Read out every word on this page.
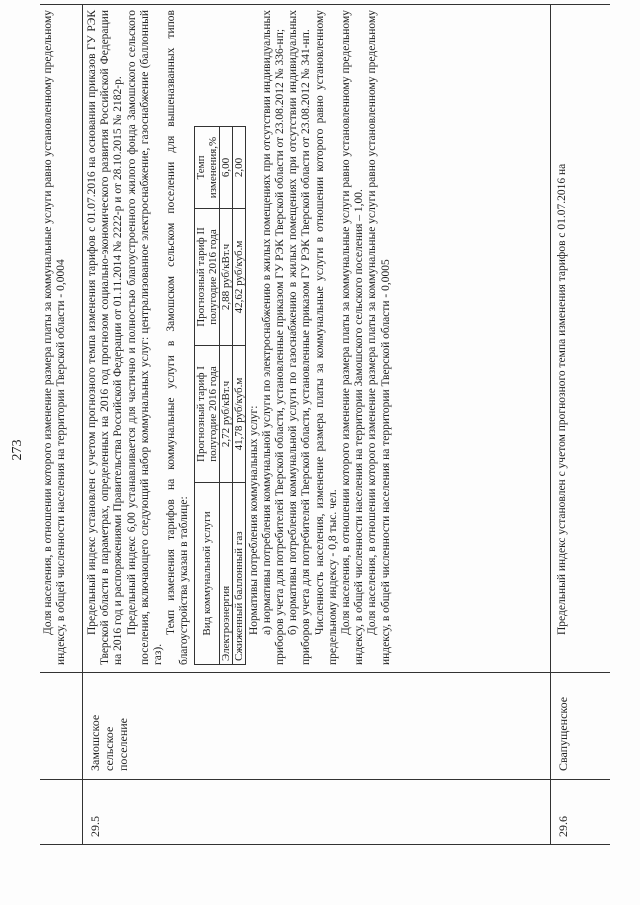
273 Доля населения, в отношении которого изменение размера платы за коммунальные услуги равно установленному предельному индексу, в общей численности населения на территории Тверской области - 0,0004

29.5
Замошское сельское поселение

Предельный индекс установлен с учетом прогнозного темпа изменения тарифов с 01.07.2016 на основании приказов ГУ РЭК Тверской области в параметрах, определенных на 2016 год прогнозом социально-экономического развития Российской Федерации на 2016 год и распоряжениями Правительства Российской Федерации от 01.11.2014 № 2222-р и от 28.10.2015 № 2182-р. Предельный индекс 6,00 устанавливается для частично и полностью благоустроенного жилого фонда Замошского сельского поселения, включающего следующий набор коммунальных услуг: централизованное электроснабжение, газоснабжение (баллонный газ).

Темп изменения тарифов на коммунальные услуги в Замошском сельском поселении для вышеназванных типов благоустройства указан в таблице: Вид коммунальной услуги	Прогнозный тариф I полугодие 2016 года	Прогнозный тариф II полугодие 2016 года	Темп изменения,%
Электроэнергия	2,72 руб/кВт.ч	2,88 руб/кВт.ч	6,00
Сжиженный баллонный газ	41,78 руб/куб.м	42,62 руб/куб.м	2,00

Нормативы потребления коммунальных услуг: а) нормативы потребления коммунальной услуги по электроснабжению в жилых помещениях при отсутствии индивидуальных приборов учета для потребителей Тверской области, установленные приказом ГУ РЭК Тверской области от 23.08.2012 № 336-нп; б) нормативы потребления коммунальной услуги по газоснабжению в жилых помещениях при отсутствии индивидуальных приборов учета для потребителей Тверской области, установленные приказом ГУ РЭК Тверской области от 23.08.2012 № 341-нп. Численность населения, изменение размера платы за коммунальные услуги в отношении которого равно установленному предельному индексу - 0,8 тыс. чел. Доля населения, в отношении которого изменение размера платы за коммунальные услуги равно установленному предельному индексу, в общей численности населения на территории Замошского сельского поселения – 1,00. Доля населения, в отношении которого изменение размера платы за коммунальные услуги равно установленному предельному индексу, в общей численности населения на территории Тверской области - 0,0005

29.6
Свапущенское

Предельный индекс установлен с учетом прогнозного темпа изменения тарифов с 01.07.2016 на
